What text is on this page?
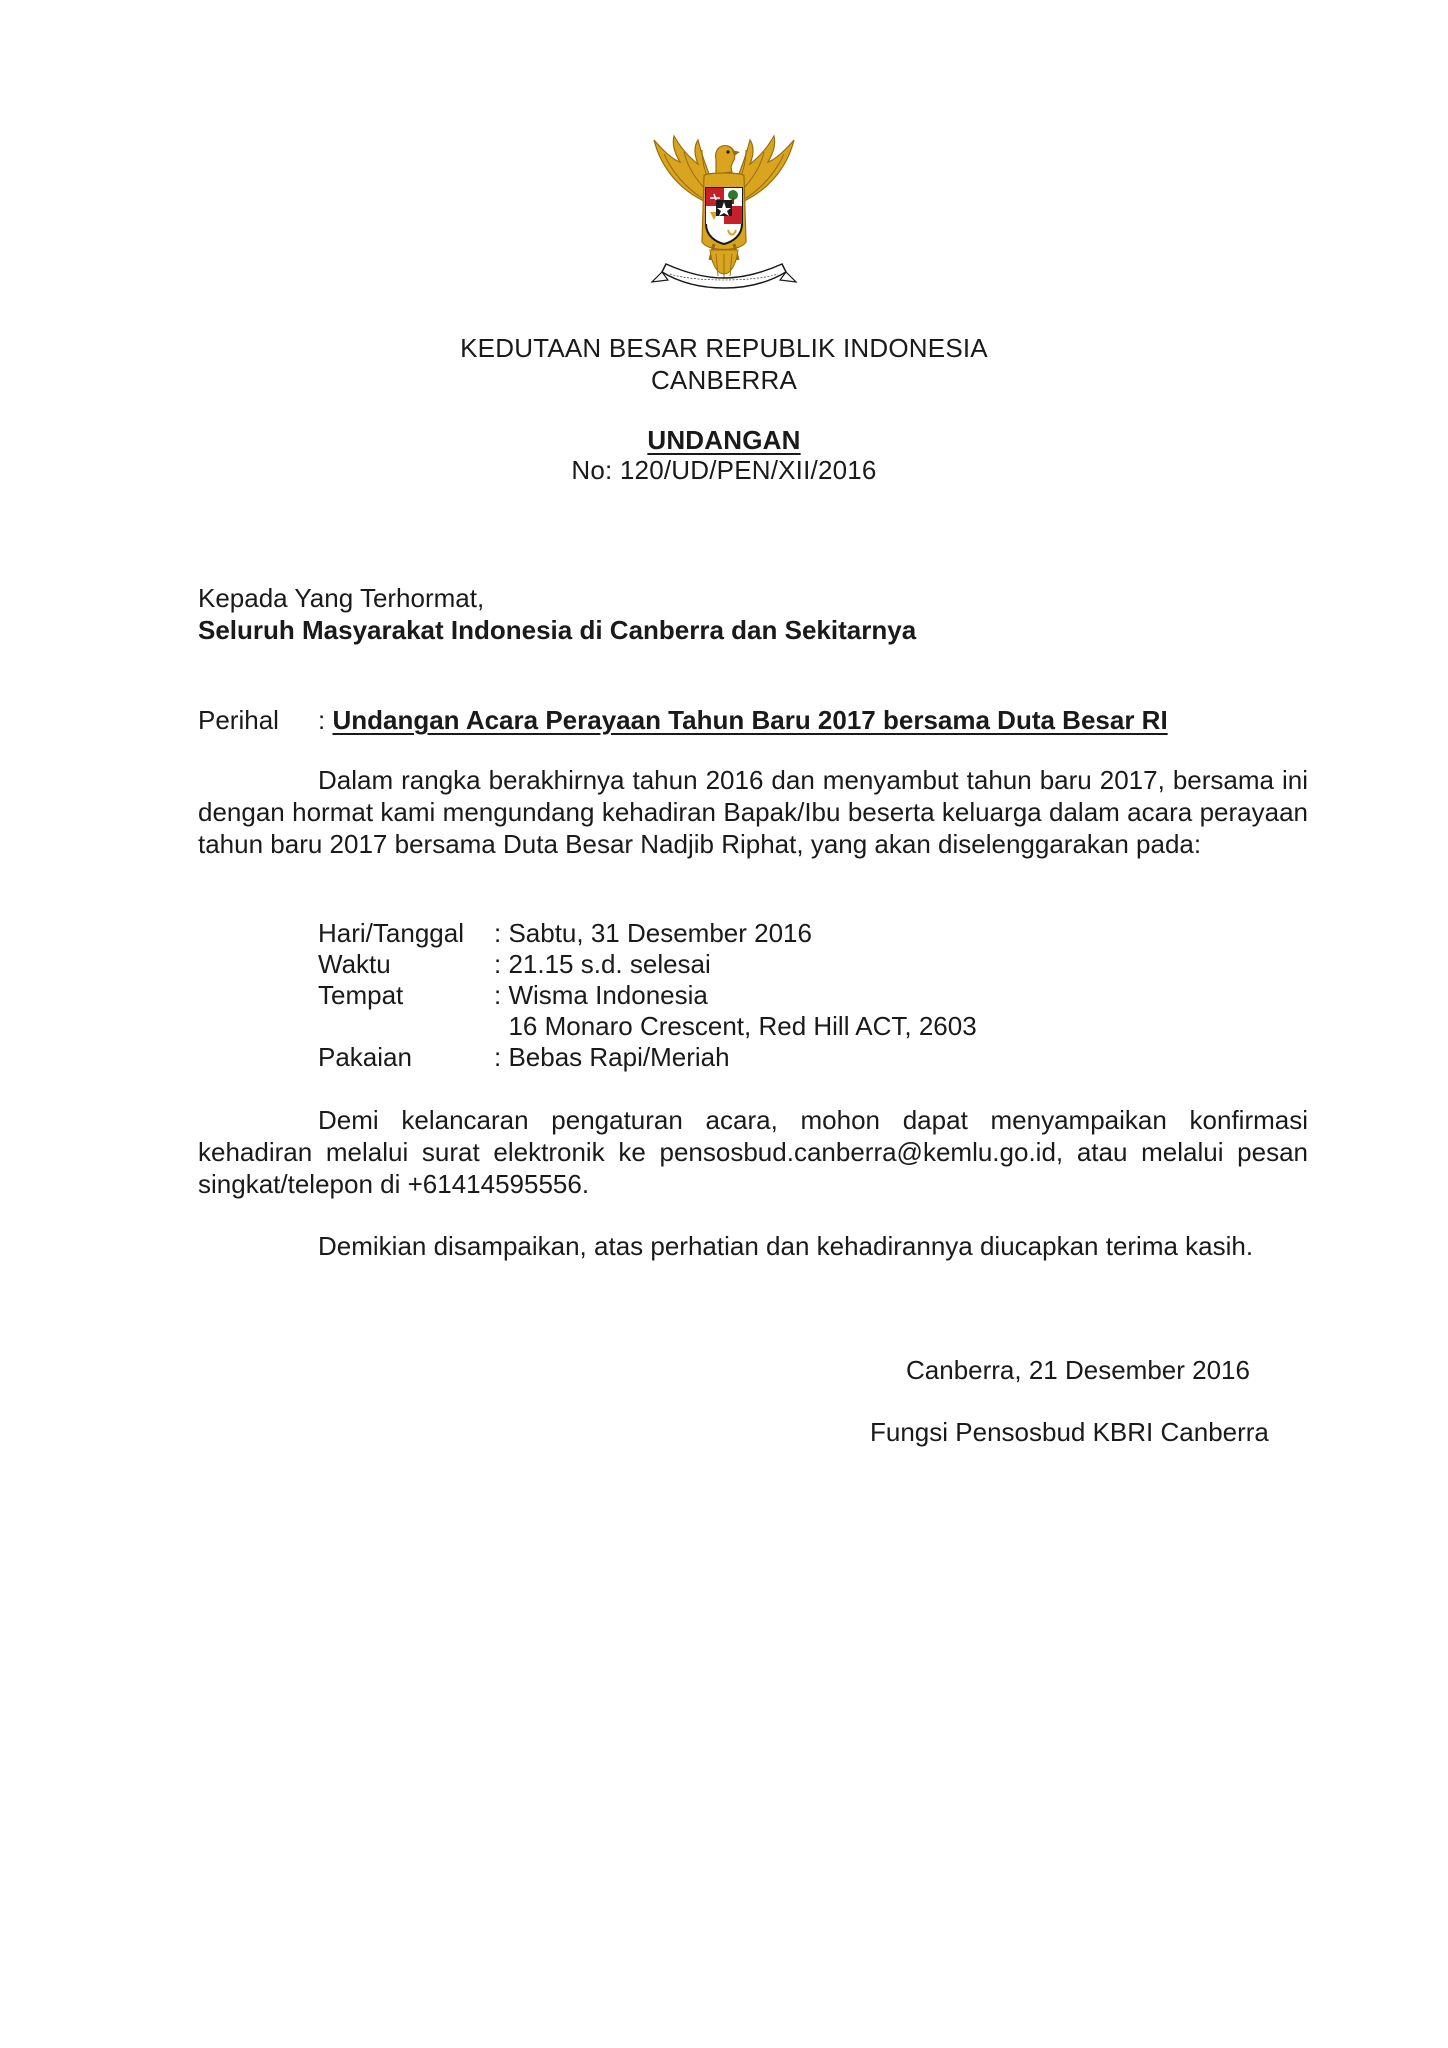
KEDUTAAN BESAR REPUBLIK INDONESIA
CANBERRA
UNDANGAN
No: 120/UD/PEN/XII/2016
Kepada Yang Terhormat,
Seluruh Masyarakat Indonesia di Canberra dan Sekitarnya
Perihal : Undangan Acara Perayaan Tahun Baru 2017 bersama Duta Besar RI
Dalam rangka berakhirnya tahun 2016 dan menyambut tahun baru 2017, bersama ini dengan hormat kami mengundang kehadiran Bapak/Ibu beserta keluarga dalam acara perayaan tahun baru 2017 bersama Duta Besar Nadjib Riphat, yang akan diselenggarakan pada:
Hari/Tanggal	: Sabtu, 31 Desember 2016
Waktu	: 21.15 s.d. selesai
Tempat	: Wisma Indonesia
16 Monaro Crescent, Red Hill ACT, 2603
Pakaian	: Bebas Rapi/Meriah
Demi kelancaran pengaturan acara, mohon dapat menyampaikan konfirmasi kehadiran melalui surat elektronik ke pensosbud.canberra@kemlu.go.id, atau melalui pesan singkat/telepon di +61414595556.
Demikian disampaikan, atas perhatian dan kehadirannya diucapkan terima kasih.
Canberra, 21 Desember 2016
Fungsi Pensosbud KBRI Canberra
